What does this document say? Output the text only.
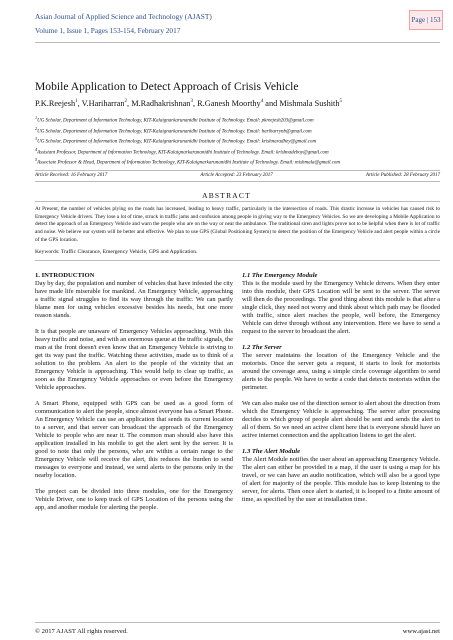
Asian Journal of Applied Science and Technology (AJAST)
Volume 1, Issue 1, Pages 153-154, February 2017
Page | 153
Mobile Application to Detect Approach of Crisis Vehicle
P.K.Reejesh$^1$, V.Hariharran$^2$, M.Radhakrishnan$^3$, R.Ganesh Moorthy$^4$ and Mishmala Sushith$^5$
$^1$UG Scholar, Department of Information Technology, KIT-Kalaignarkarunanidhi Institute of Technology. Email: pkreejesh203@gmail.com
$^2$UG Scholar, Department of Information Technology, KIT-Kalaignarkarunanidhi Institute of Technology. Email: hariharrynb@gmail.com
$^3$UG Scholar, Department of Information Technology, KIT-Kalaignarkarunanidhi Institute of Technology. Email: krishnaradhey@gmail.com
$^4$Assistant Professor, Department of Information Technology, KIT-Kalaignarkarunanidhi Institute of Technology. Email: krishnadeboy@gmail.com
$^5$Associate Professor & Head, Department of Information Technology, KIT-Kalaignarkarunanidhi Institute of Technology. Email: mishmala@gmail.com
Article Received: 16 February 2017	Article Accepted: 23 February 2017	Article Published: 28 February 2017
ABSTRACT
At Present, the number of vehicles plying on the roads has increased, leading to heavy traffic, particularly in the intersection of roads. This drastic increase in vehicles has caused risk to Emergency Vehicle drivers. They lose a lot of time, struck in traffic jams and confusion among people in giving way to the Emergency Vehicles. So we are developing a Mobile Application to detect the approach of an Emergency Vehicle and warn the people who are on the way or near the ambulance. The traditional siren and lights prove not to be helpful when there is lot of traffic and noise. We believe our system will be better and effective. We plan to use GPS (Global Positioning System) to detect the position of the Emergency Vehicle and alert people within a circle of the GPS location.
Keywords: Traffic Clearance, Emergency Vehicle, GPS and Application.
1. INTRODUCTION

Day by day, the population and number of vehicles that have infested the city have made life miserable for mankind. An Emergency Vehicle, approaching a traffic signal struggles to find its way through the traffic. We can partly blame men for using vehicles excessive besides his needs, but one more reason stands.

It is that people are unaware of Emergency Vehicles approaching. With this heavy traffic and noise, and with an enormous queue at the traffic signals, the man at the front doesn't even know that an Emergency Vehicle is striving to get its way past the traffic. Watching these activities, made us to think of a solution to the problem. An alert to the people of the vicinity that an Emergency Vehicle is approaching. This would help to clear up traffic, as soon as the Emergency Vehicle approaches or even before the Emergency Vehicle approaches.

A Smart Phone, equipped with GPS can be used as a good form of communication to alert the people, since almost everyone has a Smart Phone. An Emergency Vehicle can use an application that sends its current location to a server, and that server can broadcast the approach of the Emergency Vehicle to people who are near it. The common man should also have this application installed in his mobile to get the alert sent by the server. It is good to note that only the persons, who are within a certain range to the Emergency Vehicle will receive the alert, this reduces the burden to send messages to everyone and instead, we send alerts to the persons only in the nearby location.

The project can be divided into three modules, one for the Emergency Vehicle Driver, one to keep track of GPS Location of the persons using the app, and another module for alerting the people.

1.1 The Emergency Module

This is the module used by the Emergency Vehicle drivers. When they enter into this module, their GPS Location will be sent to the server. The server will then do the proceedings. The good thing about this module is that after a single click, they need not worry and think about which path may be flooded with traffic, since alert reaches the people, well before, the Emergency Vehicle can drive through without any intervention. Here we have to send a request to the server to broadcast the alert.

1.2 The Server

The server maintains the location of the Emergency Vehicle and the motorists. Once the server gets a request, it starts to look for motorists around the coverage area, using a simple circle coverage algorithm to send alerts to the people. We have to write a code that detects motorists within the perimeter.

We can also make use of the direction sensor to alert about the direction from which the Emergency Vehicle is approaching. The server after processing decides to which group of people alert should be sent and sends the alert to all of them. So we need an active client here that is everyone should have an active internet connection and the application listens to get the alert.

1.3 The Alert Module

The Alert Module notifies the user about an approaching Emergency Vehicle. The alert can either be provided in a map, if the user is using a map for his travel, or we can have an audio notification, which will also be a good type of alert for majority of the people. This module has to keep listening to the server, for alerts. Then once alert is started, it is looped to a finite amount of time, as specified by the user at installation time.

© 2017 AJAST All rights reserved.	www.ajast.net
